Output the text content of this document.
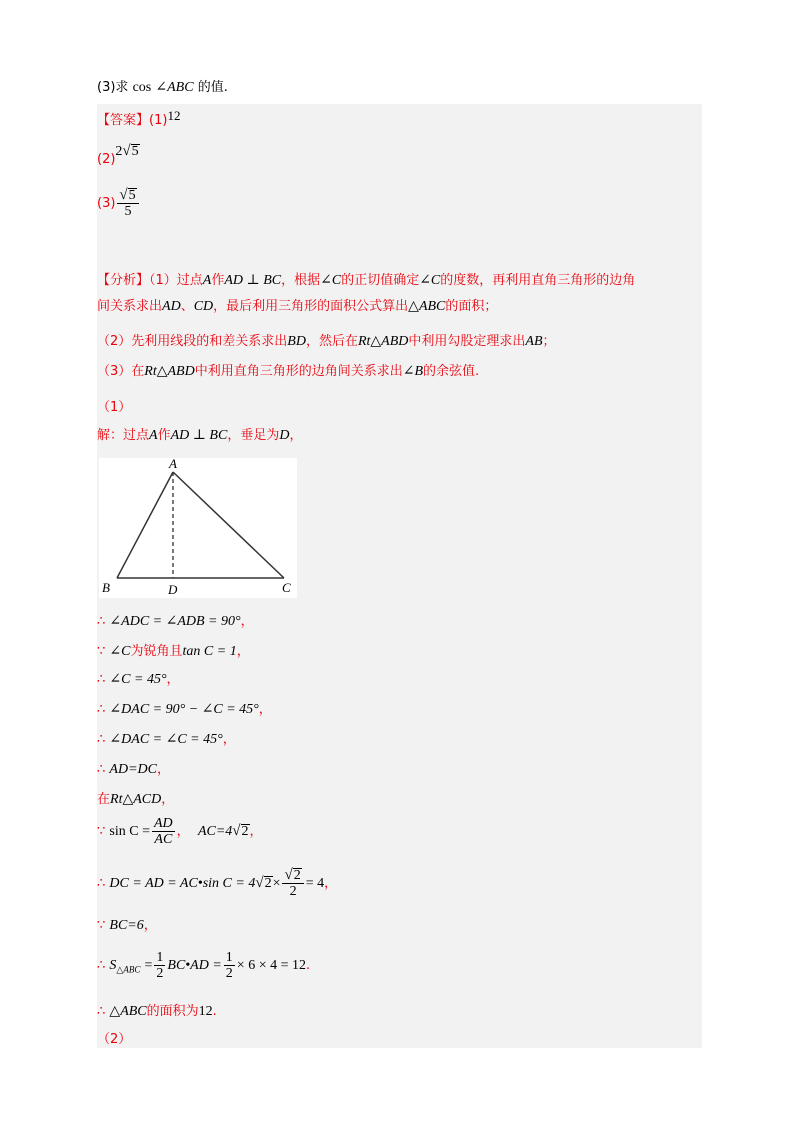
(3)求 cos ∠ABC 的值.
【答案】(1)12
(2)2 √ 5
$(3) \frac{√ 5}{5}$
【分析】（1）过点A作AD ⊥ BC，根据∠C的正切值确定∠C的度数，再利用直角三角形的边角
间关系求出AD、CD，最后利用三角形的面积公式算出△ABC的面积；
（2）先利用线段的和差关系求出BD，然后在Rt△ABD中利用勾股定理求出AB；
（3）在Rt△ABD中利用直角三角形的边角间关系求出∠B的余弦值.
（1）
解：过点A作AD ⊥ BC，垂足为D，
A
B	C
D
∴ ∠ADC = ∠ADB = 90°，
∵ ∠C为锐角且tan C = 1，
∴ ∠C = 45°，
∴ ∠DAC = 90° − ∠C = 45°，
∴ ∠DAC = ∠C = 45°，
∴ AD=DC，
在Rt△ACD，
∵ $\sin C = \frac{AD}{AC}$ ， AC=4 √ 2 ，
∴ DC = AD = AC•sin C = 4 √ $2 \times \frac{√ 2}{2} = 4$，
∵ BC=6，
∴ $S_{\triangle ABC} = \frac{1}{2}$ BC•AD = $\frac{1}{2} \times 6 \times 4 = 12$.
∴ △ABC的面积为12.
（2）
